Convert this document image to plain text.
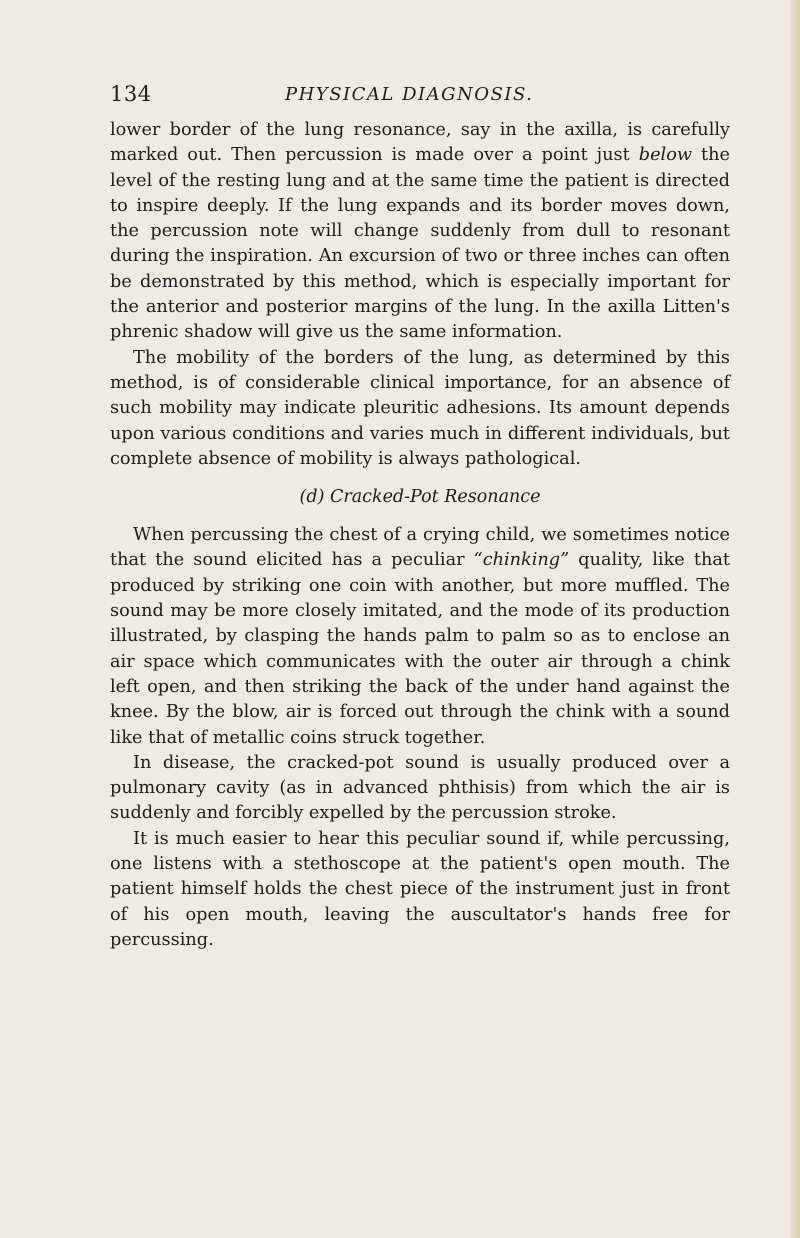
134	PHYSICAL DIAGNOSIS.

lower border of the lung resonance, say in the axilla, is carefully marked out. Then percussion is made over a point just below the level of the resting lung and at the same time the patient is directed to inspire deeply. If the lung expands and its border moves down, the percussion note will change suddenly from dull to resonant during the inspiration. An excursion of two or three inches can often be demonstrated by this method, which is especially important for the anterior and posterior margins of the lung. In the axilla Litten's phrenic shadow will give us the same information.

The mobility of the borders of the lung, as determined by this method, is of considerable clinical importance, for an absence of such mobility may indicate pleuritic adhesions. Its amount depends upon various conditions and varies much in different individuals, but complete absence of mobility is always pathological.

(d) Cracked-Pot Resonance

When percussing the chest of a crying child, we sometimes notice that the sound elicited has a peculiar “chinking” quality, like that produced by striking one coin with another, but more muffled. The sound may be more closely imitated, and the mode of its production illustrated, by clasping the hands palm to palm so as to enclose an air space which communicates with the outer air through a chink left open, and then striking the back of the under hand against the knee. By the blow, air is forced out through the chink with a sound like that of metallic coins struck together.

In disease, the cracked-pot sound is usually produced over a pulmonary cavity (as in advanced phthisis) from which the air is suddenly and forcibly expelled by the percussion stroke.

It is much easier to hear this peculiar sound if, while percussing, one listens with a stethoscope at the patient's open mouth. The patient himself holds the chest piece of the instrument just in front of his open mouth, leaving the auscultator's hands free for percussing.
